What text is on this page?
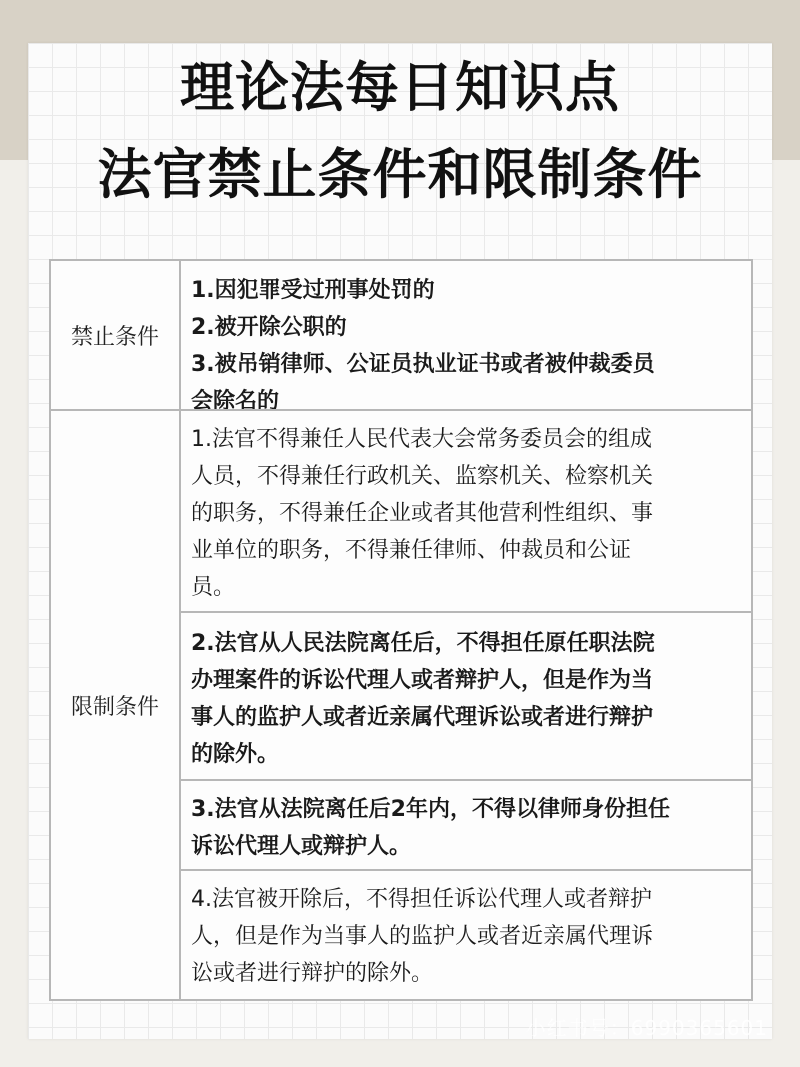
理论法每日知识点
法官禁止条件和限制条件
禁止条件
1.因犯罪受过刑事处罚的
2.被开除公职的
3.被吊销律师、公证员执业证书或者被仲裁委员
会除名的
限制条件
1.法官不得兼任人民代表大会常务委员会的组成
人员，不得兼任行政机关、监察机关、检察机关
的职务，不得兼任企业或者其他营利性组织、事
业单位的职务，不得兼任律师、仲裁员和公证
员。
2.法官从人民法院离任后，不得担任原任职法院
办理案件的诉讼代理人或者辩护人，但是作为当
事人的监护人或者近亲属代理诉讼或者进行辩护
的除外。
3.法官从法院离任后2年内，不得以律师身份担任
诉讼代理人或辩护人。
4.法官被开除后，不得担任诉讼代理人或者辩护
人，但是作为当事人的监护人或者近亲属代理诉
讼或者进行辩护的除外。
小红书号：6990365601
